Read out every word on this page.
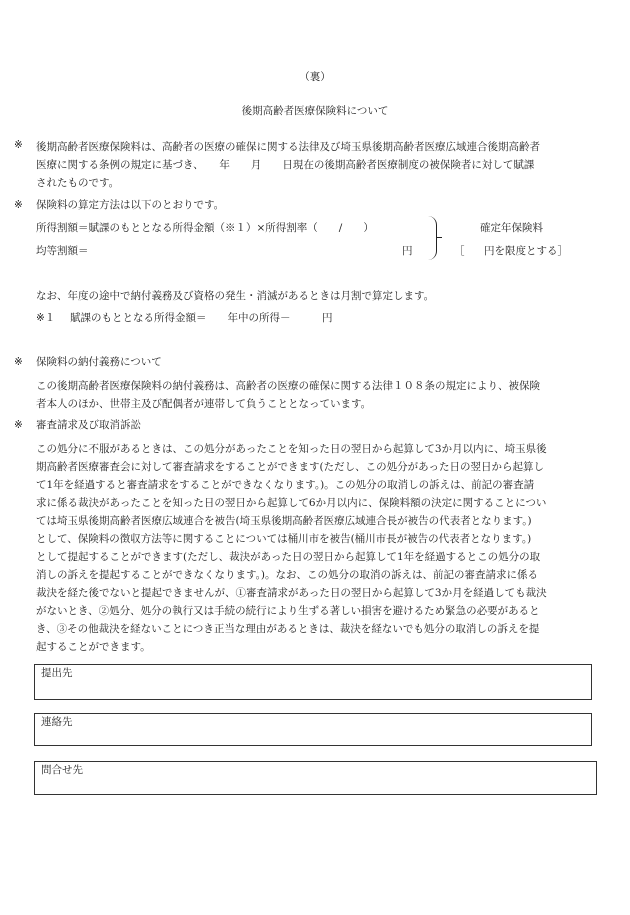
（裏）
後期高齢者医療保険料について
※ 後期高齢者医療保険料は、高齢者の医療の確保に関する法律及び埼玉県後期高齢者医療広域連合後期高齢者

医療に関する条例の規定に基づき、　　年　　月　　日現在の後期高齢者医療制度の被保険者に対して賦課

されたものです。

※ 保険料の算定方法は以下のとおりです。
所得割額＝賦課のもととなる所得金額（※１）×所得割率（　　/　　）
均等割額＝	円
確定年保険料
［ 円を限度とする］
なお、年度の途中で納付義務及び資格の発生・消滅があるときは月割で算定します。
※１ 賦課のもととなる所得金額＝　　年中の所得－　　　円
※ 保険料の納付義務について

この後期高齢者医療保険料の納付義務は、高齢者の医療の確保に関する法律１０８条の規定により、被保険

者本人のほか、世帯主及び配偶者が連帯して負うこととなっています。

※ 審査請求及び取消訴訟

この処分に不服があるときは、この処分があったことを知った日の翌日から起算して3か月以内に、埼玉県後

期高齢者医療審査会に対して審査請求をすることができます(ただし、この処分があった日の翌日から起算し

て1年を経過すると審査請求をすることができなくなります。)。この処分の取消しの訴えは、前記の審査請

求に係る裁決があったことを知った日の翌日から起算して6か月以内に、保険料額の決定に関することについ

ては埼玉県後期高齢者医療広域連合を被告(埼玉県後期高齢者医療広域連合長が被告の代表者となります。)

として、保険料の徴収方法等に関することについては桶川市を被告(桶川市長が被告の代表者となります。)

として提起することができます(ただし、裁決があった日の翌日から起算して1年を経過するとこの処分の取

消しの訴えを提起することができなくなります。)。なお、この処分の取消の訴えは、前記の審査請求に係る

裁決を経た後でないと提起できませんが、①審査請求があった日の翌日から起算して3か月を経過しても裁決

がないとき、②処分、処分の執行又は手続の続行により生ずる著しい損害を避けるため緊急の必要があると

き、③その他裁決を経ないことにつき正当な理由があるときは、裁決を経ないでも処分の取消しの訴えを提

起することができます。

提出先
連絡先
問合せ先
